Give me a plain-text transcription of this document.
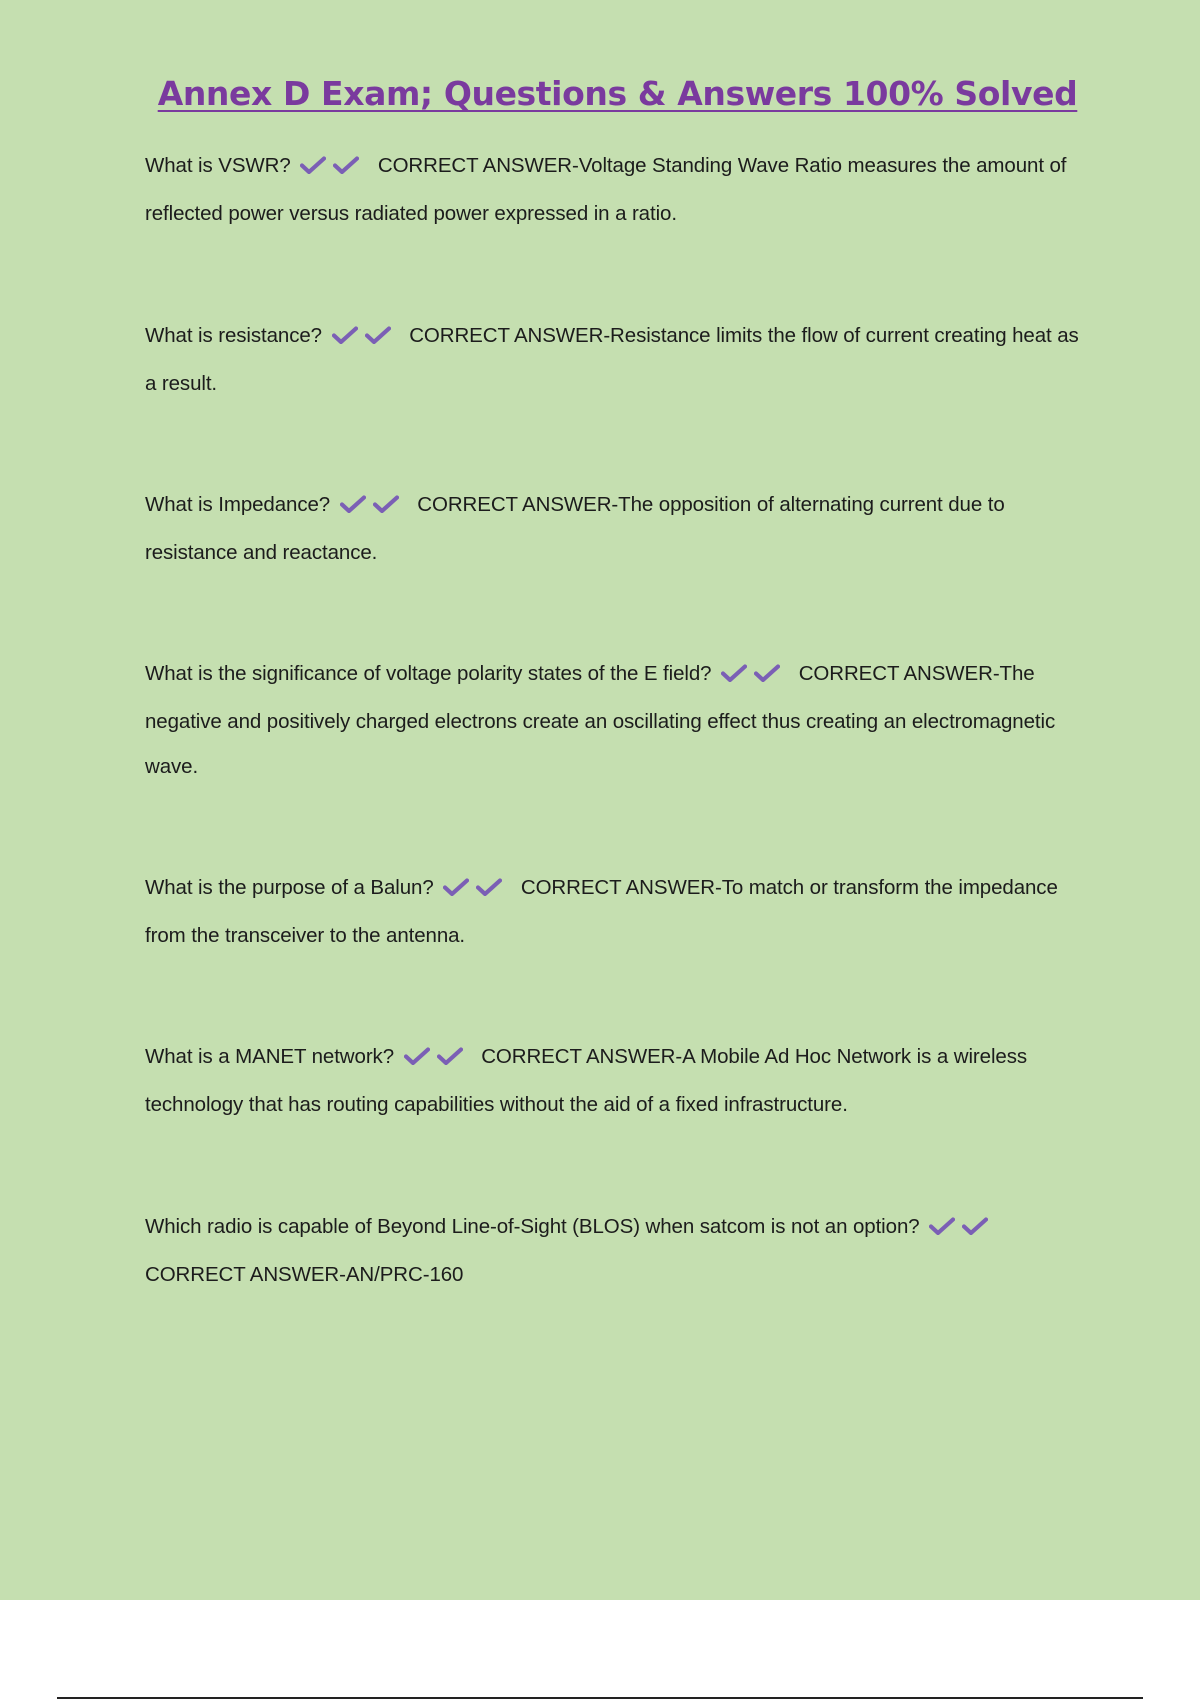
Annex D Exam; Questions & Answers 100% Solved

What is VSWR?	CORRECT ANSWER-Voltage Standing Wave Ratio measures the amount of reflected power versus radiated power expressed in a ratio.

What is resistance?	CORRECT ANSWER-Resistance limits the flow of current creating heat as a result.

What is Impedance?	CORRECT ANSWER-The opposition of alternating current due to resistance and reactance.

What is the significance of voltage polarity states of the E field?	CORRECT ANSWER-The negative and positively charged electrons create an oscillating effect thus creating an electromagnetic wave.

What is the purpose of a Balun?	CORRECT ANSWER-To match or transform the impedance from the transceiver to the antenna.

What is a MANET network?	CORRECT ANSWER-A Mobile Ad Hoc Network is a wireless technology that has routing capabilities without the aid of a fixed infrastructure.

Which radio is capable of Beyond Line-of-Sight (BLOS) when satcom is not an option?
CORRECT ANSWER-AN/PRC-160
